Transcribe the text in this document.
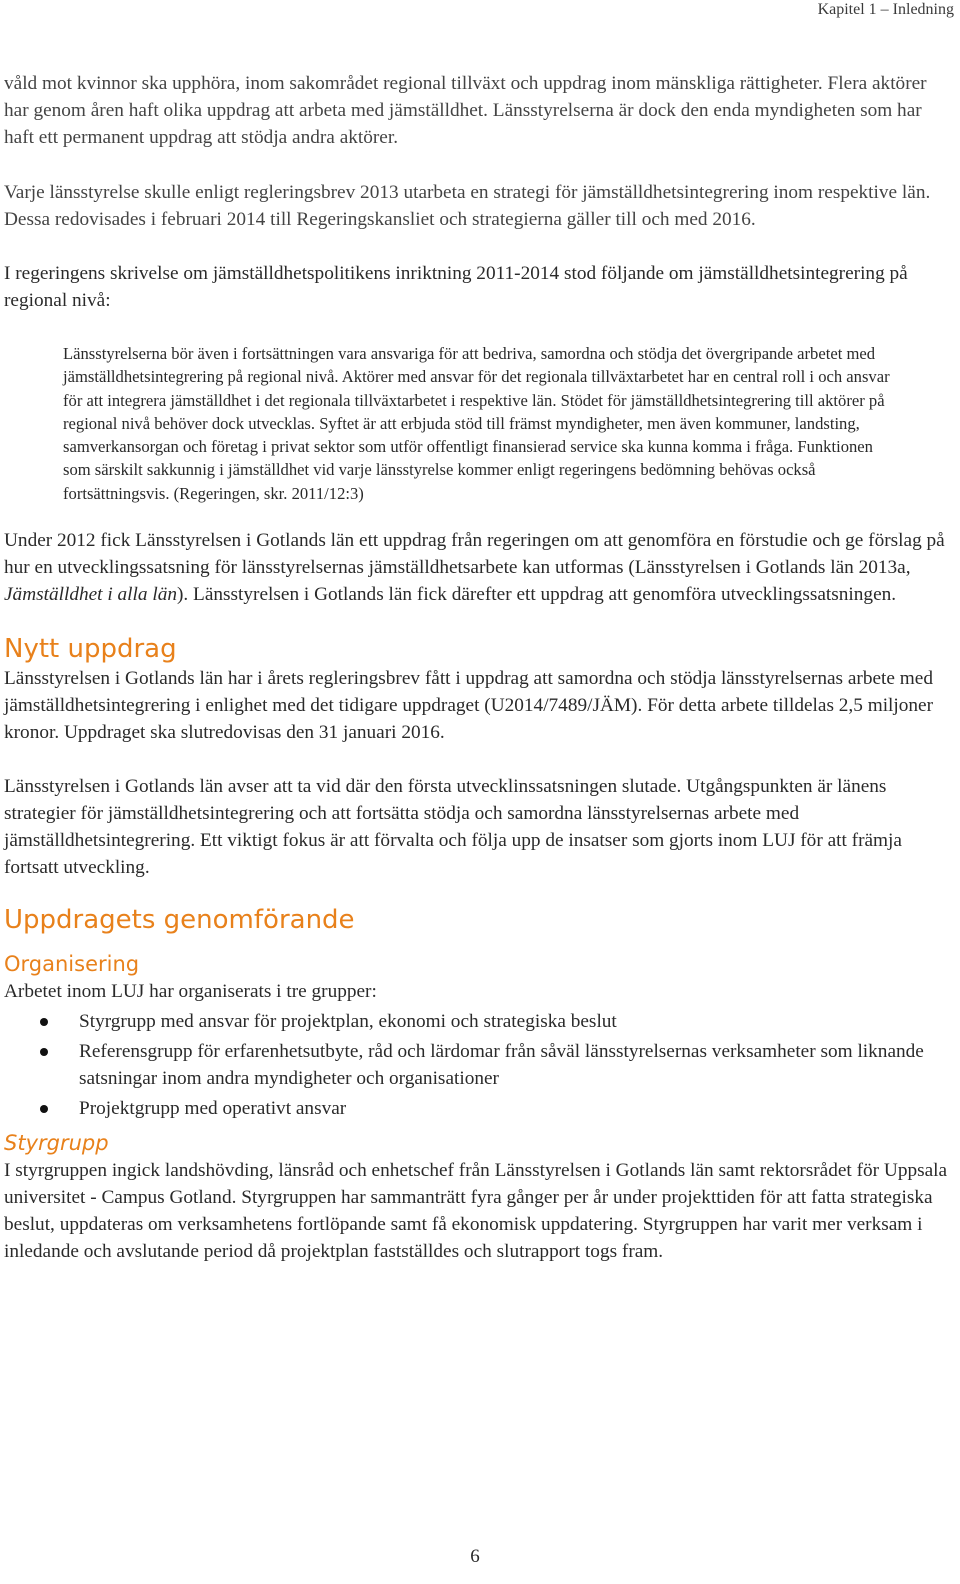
Kapitel 1 – Inledning

våld mot kvinnor ska upphöra, inom sakområdet regional tillväxt och uppdrag inom mänskliga rättigheter. Flera aktörer har genom åren haft olika uppdrag att arbeta med jämställdhet. Länsstyrelserna är dock den enda myndigheten som har haft ett permanent uppdrag att stödja andra aktörer.

Varje länsstyrelse skulle enligt regleringsbrev 2013 utarbeta en strategi för jämställdhetsintegrering inom respektive län. Dessa redovisades i februari 2014 till Regeringskansliet och strategierna gäller till och med 2016.

I regeringens skrivelse om jämställdhetspolitikens inriktning 2011-2014 stod följande om jämställdhetsintegrering på regional nivå:

Länsstyrelserna bör även i fortsättningen vara ansvariga för att bedriva, samordna och stödja det övergripande arbetet med jämställdhetsintegrering på regional nivå. Aktörer med ansvar för det regionala tillväxtarbetet har en central roll i och ansvar för att integrera jämställdhet i det regionala tillväxtarbetet i respektive län. Stödet för jämställdhetsintegrering till aktörer på regional nivå behöver dock utvecklas. Syftet är att erbjuda stöd till främst myndigheter, men även kommuner, landsting, samverkansorgan och företag i privat sektor som utför offentligt finansierad service ska kunna komma i fråga. Funktionen som särskilt sakkunnig i jämställdhet vid varje länsstyrelse kommer enligt regeringens bedömning behövas också fortsättningsvis. (Regeringen, skr. 2011/12:3)

Under 2012 fick Länsstyrelsen i Gotlands län ett uppdrag från regeringen om att genomföra en förstudie och ge förslag på hur en utvecklingssatsning för länsstyrelsernas jämställdhetsarbete kan utformas (Länsstyrelsen i Gotlands län 2013a, Jämställdhet i alla län). Länsstyrelsen i Gotlands län fick därefter ett uppdrag att genomföra utvecklingssatsningen.

Nytt uppdrag

Länsstyrelsen i Gotlands län har i årets regleringsbrev fått i uppdrag att samordna och stödja länsstyrelsernas arbete med jämställdhetsintegrering i enlighet med det tidigare uppdraget (U2014/7489/JÄM). För detta arbete tilldelas 2,5 miljoner kronor. Uppdraget ska slutredovisas den 31 januari 2016.

Länsstyrelsen i Gotlands län avser att ta vid där den första utvecklinssatsningen slutade. Utgångspunkten är länens strategier för jämställdhetsintegrering och att fortsätta stödja och samordna länsstyrelsernas arbete med jämställdhetsintegrering. Ett viktigt fokus är att förvalta och följa upp de insatser som gjorts inom LUJ för att främja fortsatt utveckling.

Uppdragets genomförande
Organisering

Arbetet inom LUJ har organiserats i tre grupper:

Styrgrupp med ansvar för projektplan, ekonomi och strategiska beslut
Referensgrupp för erfarenhetsutbyte, råd och lärdomar från såväl länsstyrelsernas verksamheter som liknande satsningar inom andra myndigheter och organisationer
Projektgrupp med operativt ansvar
Styrgrupp

I styrgruppen ingick landshövding, länsråd och enhetschef från Länsstyrelsen i Gotlands län samt rektorsrådet för Uppsala universitet - Campus Gotland. Styrgruppen har sammanträtt fyra gånger per år under projekttiden för att fatta strategiska beslut, uppdateras om verksamhetens fortlöpande samt få ekonomisk uppdatering. Styrgruppen har varit mer verksam i inledande och avslutande period då projektplan fastställdes och slutrapport togs fram.

6
